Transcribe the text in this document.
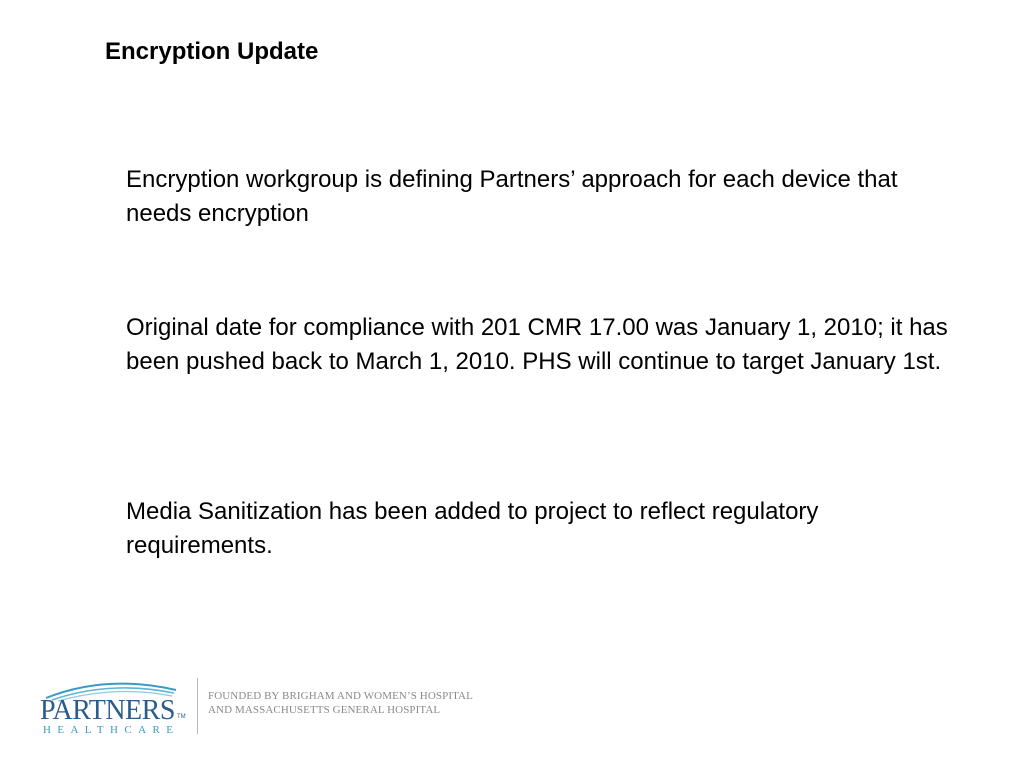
Encryption Update

Encryption workgroup is defining Partners’ approach for each device that needs encryption

Original date for compliance with 201 CMR 17.00 was January 1, 2010; it has been pushed back to March 1, 2010. PHS will continue to target January 1st.

Media Sanitization has been added to project to reflect regulatory requirements.

PARTNERS TM
HEALTHCARE
FOUNDED BY BRIGHAM AND WOMEN’S HOSPITAL
AND MASSACHUSETTS GENERAL HOSPITAL
